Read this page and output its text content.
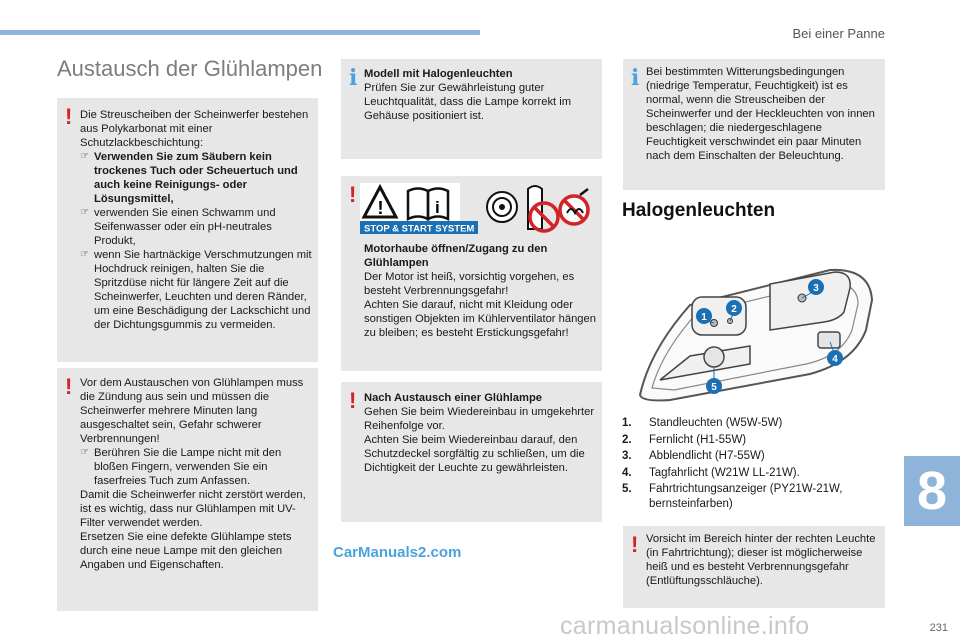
Bei einer Panne
Austausch der Glühlampen
! Die Streuscheiben der Scheinwerfer bestehen aus Polykarbonat mit einer Schutzlackbeschichtung:
☞ Verwenden Sie zum Säubern kein trockenes Tuch oder Scheuertuch und auch keine Reinigungs- oder Lösungsmittel,
☞ verwenden Sie einen Schwamm und Seifenwasser oder ein pH-neutrales Produkt,
☞ wenn Sie hartnäckige Verschmutzungen mit Hochdruck reinigen, halten Sie die Spritzdüse nicht für längere Zeit auf die Scheinwerfer, Leuchten und deren Ränder, um eine Beschädigung der Lackschicht und der Dichtungsgummis zu vermeiden.
! Vor dem Austauschen von Glühlampen muss die Zündung aus sein und müssen die Scheinwerfer mehrere Minuten lang ausgeschaltet sein, Gefahr schwerer Verbrennungen!
☞ Berühren Sie die Lampe nicht mit den bloßen Fingern, verwenden Sie ein faserfreies Tuch zum Anfassen.
Damit die Scheinwerfer nicht zerstört werden, ist es wichtig, dass nur Glühlampen mit UV-Filter verwendet werden.
Ersetzen Sie eine defekte Glühlampe stets durch eine neue Lampe mit den gleichen Angaben und Eigenschaften.
i Modell mit Halogenleuchten
Prüfen Sie zur Gewährleistung guter Leuchtqualität, dass die Lampe korrekt im Gehäuse positioniert ist.
!
Motorhaube öffnen/Zugang zu den Glühlampen
Der Motor ist heiß, vorsichtig vorgehen, es besteht Verbrennungsgefahr!
Achten Sie darauf, nicht mit Kleidung oder sonstigen Objekten im Kühlerventilator hängen zu bleiben; es besteht Erstickungsgefahr!
!	i
STOP & START SYSTEM
! Nach Austausch einer Glühlampe
Gehen Sie beim Wiedereinbau in umgekehrter Reihenfolge vor.
Achten Sie beim Wiedereinbau darauf, den Schutzdeckel sorgfältig zu schließen, um die Dichtigkeit der Leuchte zu gewährleisten.
CarManuals2.com
i Bei bestimmten Witterungsbedingungen (niedrige Temperatur, Feuchtigkeit) ist es normal, wenn die Streuscheiben der Scheinwerfer und der Heckleuchten von innen beschlagen; die niedergeschlagene Feuchtigkeit verschwindet ein paar Minuten nach dem Einschalten der Beleuchtung.
Halogenleuchten
1
2
3
4
5
1.	Standleuchten (W5W-5W)
2.	Fernlicht (H1-55W)
3.	Abblendlicht (H7-55W)
4.	Tagfahrlicht (W21W LL-21W).
5.	Fahrtrichtungsanzeiger (PY21W-21W, bernsteinfarben)
! Vorsicht im Bereich hinter der rechten Leuchte (in Fahrtrichtung); dieser ist möglicherweise heiß und es besteht Verbrennungsgefahr (Entlüftungsschläuche).
8
231
carmanualsonline.info
